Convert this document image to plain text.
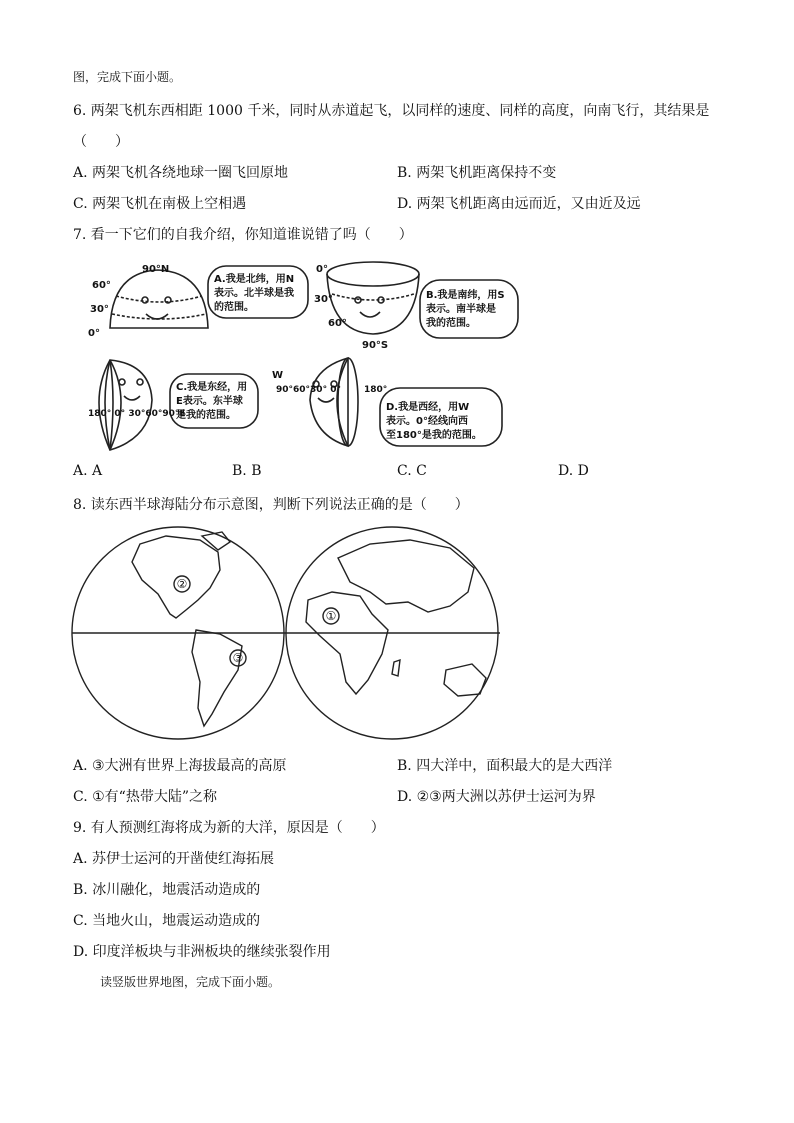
图，完成下面小题。
6. 两架飞机东西相距 1000 千米，同时从赤道起飞，以同样的速度、同样的高度，向南飞行，其结果是
（　　）
A. 两架飞机各绕地球一圈飞回原地	B. 两架飞机距离保持不变
C. 两架飞机在南极上空相遇	D. 两架飞机距离由远而近，又由近及远
7. 看一下它们的自我介绍，你知道谁说错了吗（　　）
90°N
60°
30°
0°
A.我是北纬，用N
表示。北半球是我
的范围。
0°
30°
60°
90°S
B.我是南纬，用S
表示。南半球是
我的范围。
180° 0° 30°60°90°E
C.我是东经，用
E表示。东半球
是我的范围。
W
90°60°30° 0°	180°
D.我是西经，用W
表示。0°经线向西
至180°是我的范围。
A. A	B. B	C. C	D. D
8. 读东西半球海陆分布示意图，判断下列说法正确的是（　　）
①
②
③
A. ③大洲有世界上海拔最高的高原	B. 四大洋中，面积最大的是大西洋
C. ①有“热带大陆”之称	D. ②③两大洲以苏伊士运河为界
9. 有人预测红海将成为新的大洋，原因是（　　）
A. 苏伊士运河的开凿使红海拓展
B. 冰川融化，地震活动造成的
C. 当地火山，地震运动造成的
D. 印度洋板块与非洲板块的继续张裂作用
读竖版世界地图，完成下面小题。
